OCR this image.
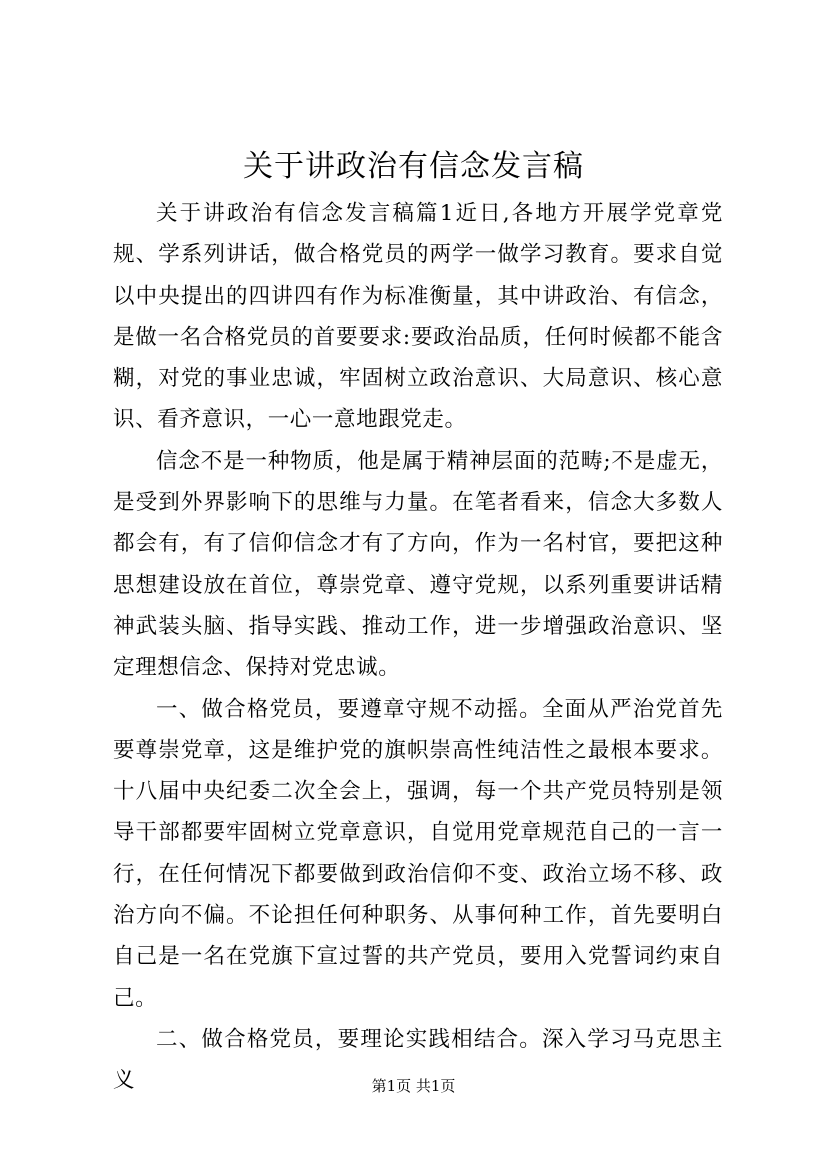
关于讲政治有信念发言稿

关于讲政治有信念发言稿篇1近日,各地方开展学党章党规、学系列讲话，做合格党员的两学一做学习教育。要求自觉以中央提出的四讲四有作为标准衡量，其中讲政治、有信念，是做一名合格党员的首要要求:要政治品质，任何时候都不能含糊，对党的事业忠诚，牢固树立政治意识、大局意识、核心意识、看齐意识，一心一意地跟党走。

信念不是一种物质，他是属于精神层面的范畴;不是虚无，是受到外界影响下的思维与力量。在笔者看来，信念大多数人都会有，有了信仰信念才有了方向，作为一名村官，要把这种思想建设放在首位，尊崇党章、遵守党规，以系列重要讲话精神武装头脑、指导实践、推动工作，进一步增强政治意识、坚定理想信念、保持对党忠诚。

一、做合格党员，要遵章守规不动摇。全面从严治党首先要尊崇党章，这是维护党的旗帜崇高性纯洁性之最根本要求。十八届中央纪委二次全会上，强调，每一个共产党员特别是领导干部都要牢固树立党章意识，自觉用党章规范自己的一言一行，在任何情况下都要做到政治信仰不变、政治立场不移、政治方向不偏。不论担任何种职务、从事何种工作，首先要明白自己是一名在党旗下宣过誓的共产党员，要用入党誓词约束自己。

二、做合格党员，要理论实践相结合。深入学习马克思主义	第1页 共1页
